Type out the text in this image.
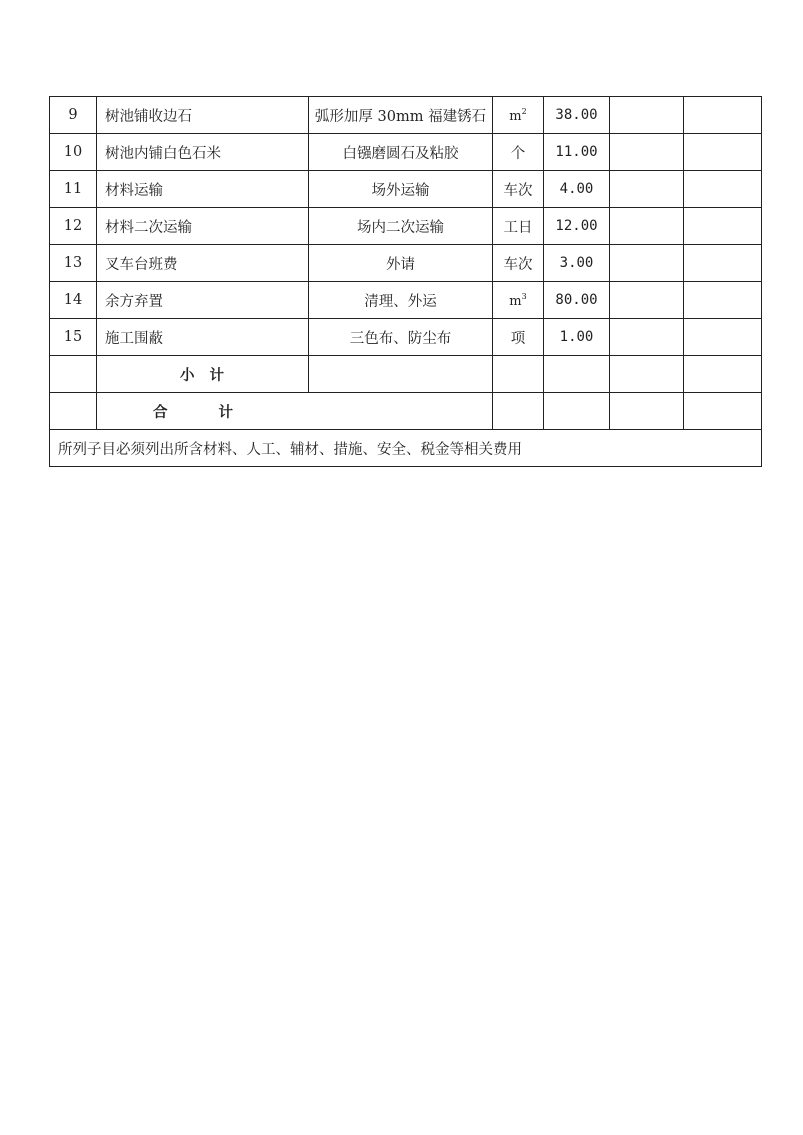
9	树池铺收边石	弧形加厚 30mm 福建锈石	$m^2$	38.00		
10	树池内铺白色石米	白镪磨圆石及粘胶	个	11.00		
11	材料运输	场外运输	车次	4.00		
12	材料二次运输	场内二次运输	工日	12.00		
13	叉车台班费	外请	车次	3.00		
14	余方弃置	清理、外运	$m^3$	80.00		
15	施工围蔽	三色布、防尘布	项	1.00		
	小 计					
	合 计					
所列子目必须列出所含材料、人工、辅材、措施、安全、税金等相关费用						
